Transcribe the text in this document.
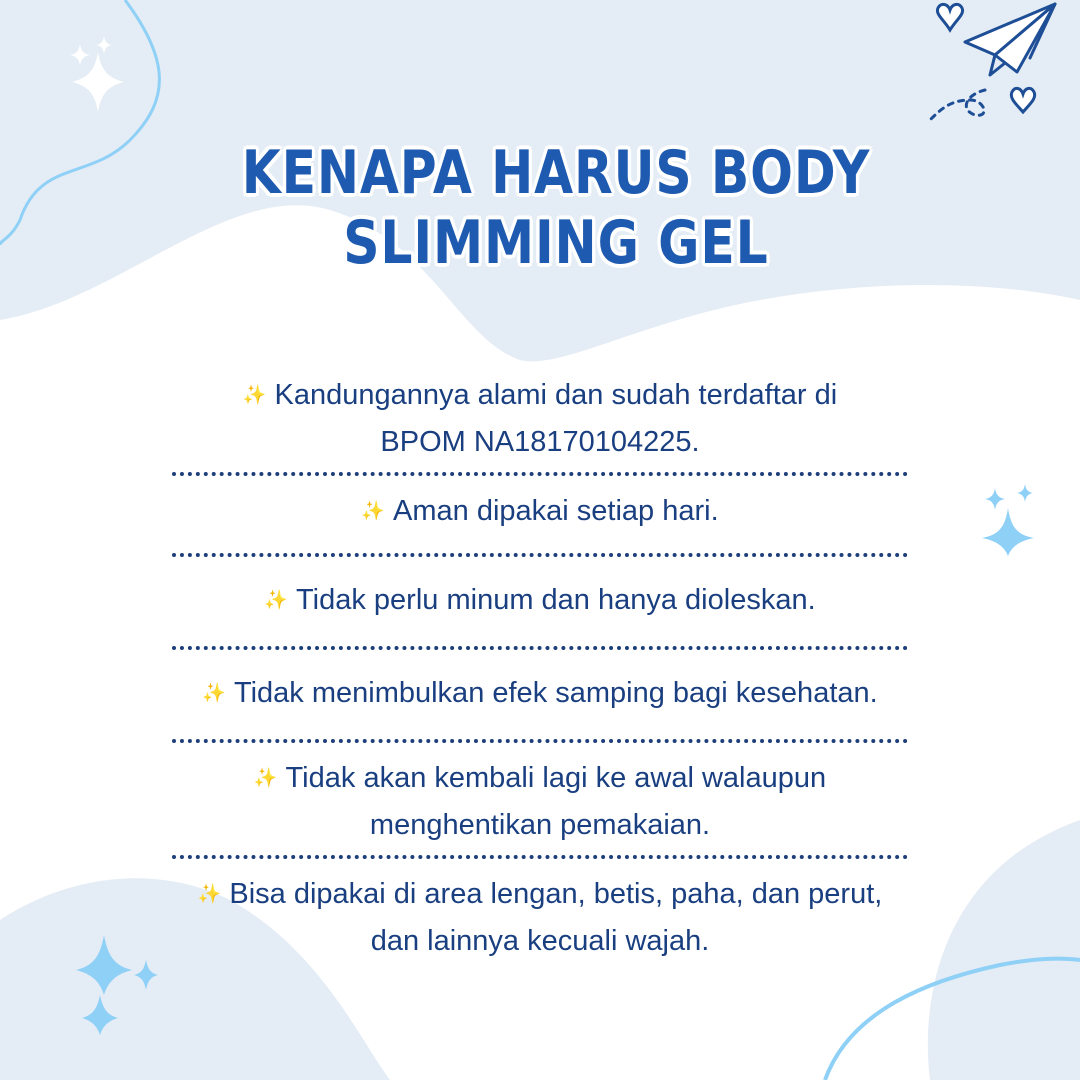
KENAPA HARUS BODY SLIMMING GEL
✨ Kandungannya alami dan sudah terdaftar di
BPOM NA18170104225.
✨ Aman dipakai setiap hari.
✨ Tidak perlu minum dan hanya dioleskan.
✨ Tidak menimbulkan efek samping bagi kesehatan.
✨ Tidak akan kembali lagi ke awal walaupun
menghentikan pemakaian.
✨ Bisa dipakai di area lengan, betis, paha, dan perut,
dan lainnya kecuali wajah.
